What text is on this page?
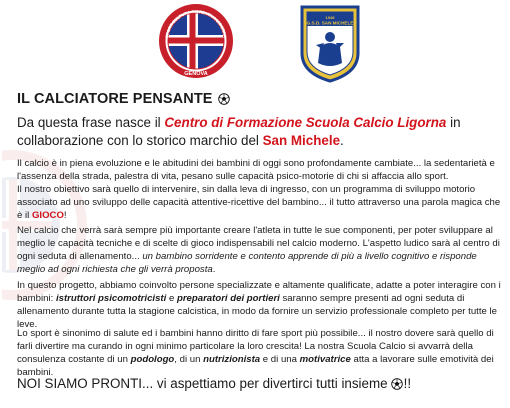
GENOVA
SPORT-CULTURA RICREATIVA LIGORNA
1948
G.S.D. SAN MICHELE
IL CALCIATORE PENSANTE
Da questa frase nasce il Centro di Formazione Scuola Calcio Ligorna in collaborazione con lo storico marchio del San Michele.
Il calcio è in piena evoluzione e le abitudini dei bambini di oggi sono profondamente cambiate... la sedentarietà e l'assenza della strada, palestra di vita, pesano sulle capacità psico-motorie di chi si affaccia allo sport.
Il nostro obiettivo sarà quello di intervenire, sin dalla leva di ingresso, con un programma di sviluppo motorio associato ad uno sviluppo delle capacità attentive-ricettive del bambino... il tutto attraverso una parola magica che è il GIOCO!
Nel calcio che verrà sarà sempre più importante creare l'atleta in tutte le sue componenti, per poter sviluppare al meglio le capacità tecniche e di scelte di gioco indispensabili nel calcio moderno. L'aspetto ludico sarà al centro di ogni seduta di allenamento... un bambino sorridente e contento apprende di più a livello cognitivo e risponde meglio ad ogni richiesta che gli verrà proposta.
In questo progetto, abbiamo coinvolto persone specializzate e altamente qualificate, adatte a poter interagire con i bambini: istruttori psicomotricisti e preparatori dei portieri saranno sempre presenti ad ogni seduta di allenamento durante tutta la stagione calcistica, in modo da fornire un servizio professionale completo per tutte le leve.
Lo sport è sinonimo di salute ed i bambini hanno diritto di fare sport più possibile... il nostro dovere sarà quello di farli divertire ma curando in ogni minimo particolare la loro crescita! La nostra Scuola Calcio si avvarrà della consulenza costante di un podologo, di un nutrizionista e di una motivatrice atta a lavorare sulle emotività dei bambini.
NOI SIAMO PRONTI ... vi aspettiamo per divertirci tutti insieme !!
